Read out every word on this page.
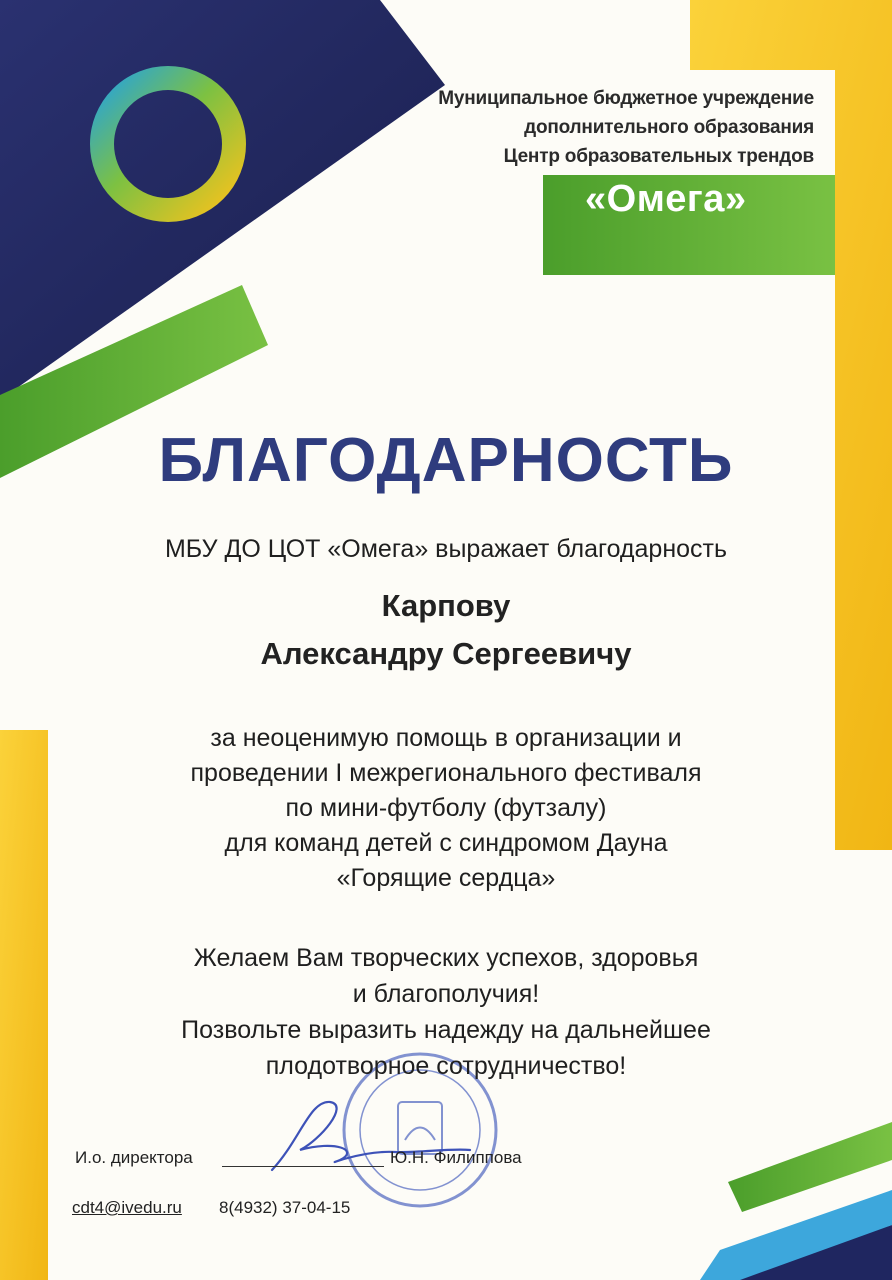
Муниципальное бюджетное учреждение
дополнительного образования
Центр образовательных трендов
«Омега»
БЛАГОДАРНОСТЬ
МБУ ДО ЦОТ «Омега» выражает благодарность
Карпову
Александру Сергеевичу
за неоценимую помощь в организации и
проведении I межрегионального фестиваля
по мини-футболу (футзалу)
для команд детей с синдромом Дауна
«Горящие сердца»
Желаем Вам творческих успехов, здоровья
и благополучия!
Позвольте выразить надежду на дальнейшее
плодотворное сотрудничество!
И.о. директора	Ю.Н. Филиппова
cdt4@ivedu.ru 8(4932) 37-04-15
